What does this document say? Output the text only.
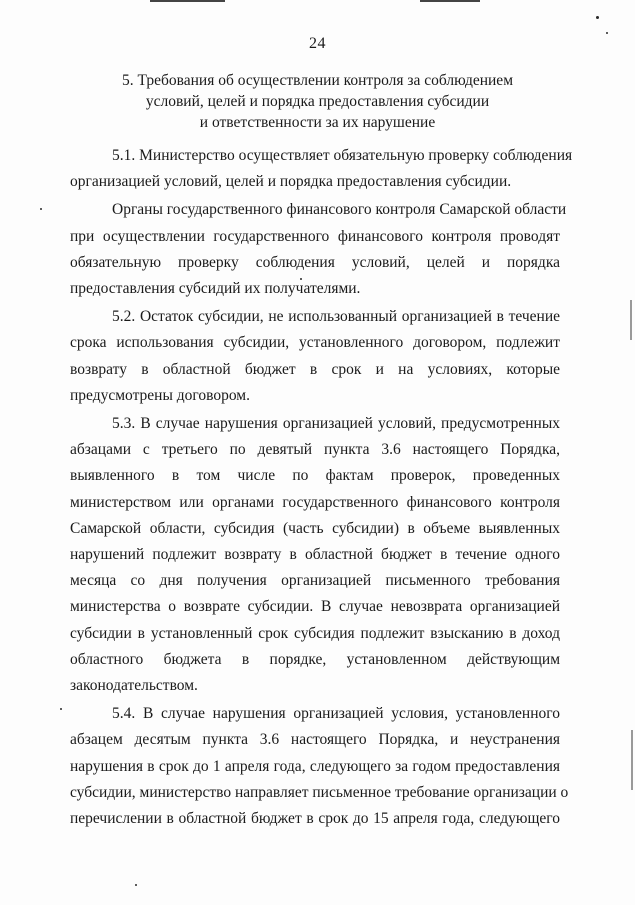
24
5. Требования об осуществлении контроля за соблюдением
условий, целей и порядка предоставления субсидии
и ответственности за их нарушение

5.1. Министерство осуществляет обязательную проверку соблюдения
организацией условий, целей и порядка предоставления субсидии.

Органы государственного финансового контроля Самарской области
при осуществлении государственного финансового контроля проводят
обязательную проверку соблюдения условий, целей и порядка
предоставления субсидий их получателями.

5.2. Остаток субсидии, не использованный организацией в течение
срока использования субсидии, установленного договором, подлежит
возврату в областной бюджет в срок и на условиях, которые
предусмотрены договором.

5.3. В случае нарушения организацией условий, предусмотренных
абзацами с третьего по девятый пункта 3.6 настоящего Порядка,
выявленного в том числе по фактам проверок, проведенных
министерством или органами государственного финансового контроля
Самарской области, субсидия (часть субсидии) в объеме выявленных
нарушений подлежит возврату в областной бюджет в течение одного
месяца со дня получения организацией письменного требования
министерства о возврате субсидии. В случае невозврата организацией
субсидии в установленный срок субсидия подлежит взысканию в доход
областного бюджета в порядке, установленном действующим
законодательством.

5.4. В случае нарушения организацией условия, установленного
абзацем десятым пункта 3.6 настоящего Порядка, и неустранения
нарушения в срок до 1 апреля года, следующего за годом предоставления
субсидии, министерство направляет письменное требование организации о
перечислении в областной бюджет в срок до 15 апреля года, следующего
